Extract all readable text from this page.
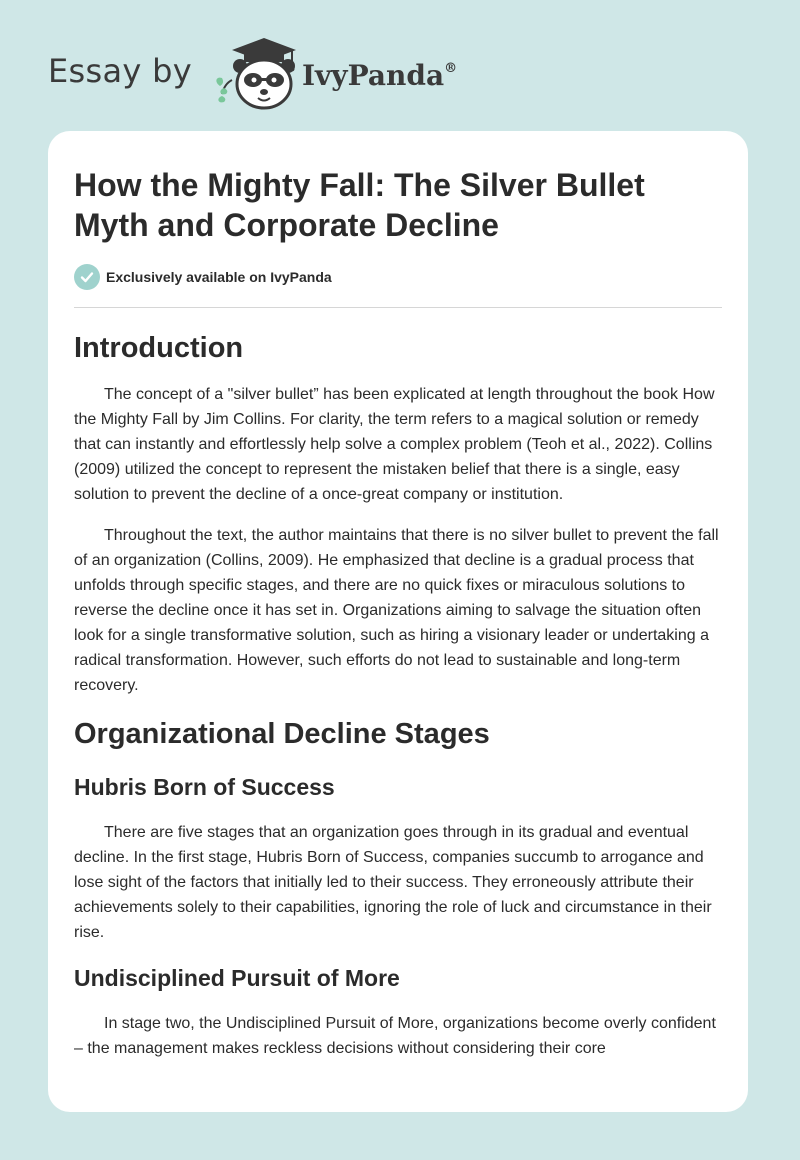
Essay by	IvyPanda®
How the Mighty Fall: The Silver Bullet Myth and Corporate Decline
Exclusively available on IvyPanda
Introduction

The concept of a "silver bullet” has been explicated at length throughout the book How the Mighty Fall by Jim Collins. For clarity, the term refers to a magical solution or remedy that can instantly and effortlessly help solve a complex problem (Teoh et al., 2022). Collins (2009) utilized the concept to represent the mistaken belief that there is a single, easy solution to prevent the decline of a once-great company or institution.

Throughout the text, the author maintains that there is no silver bullet to prevent the fall of an organization (Collins, 2009). He emphasized that decline is a gradual process that unfolds through specific stages, and there are no quick fixes or miraculous solutions to reverse the decline once it has set in. Organizations aiming to salvage the situation often look for a single transformative solution, such as hiring a visionary leader or undertaking a radical transformation. However, such efforts do not lead to sustainable and long-term recovery.

Organizational Decline Stages
Hubris Born of Success

There are five stages that an organization goes through in its gradual and eventual decline. In the first stage, Hubris Born of Success, companies succumb to arrogance and lose sight of the factors that initially led to their success. They erroneously attribute their achievements solely to their capabilities, ignoring the role of luck and circumstance in their rise.

Undisciplined Pursuit of More

In stage two, the Undisciplined Pursuit of More, organizations become overly confident – the management makes reckless decisions without considering their core
